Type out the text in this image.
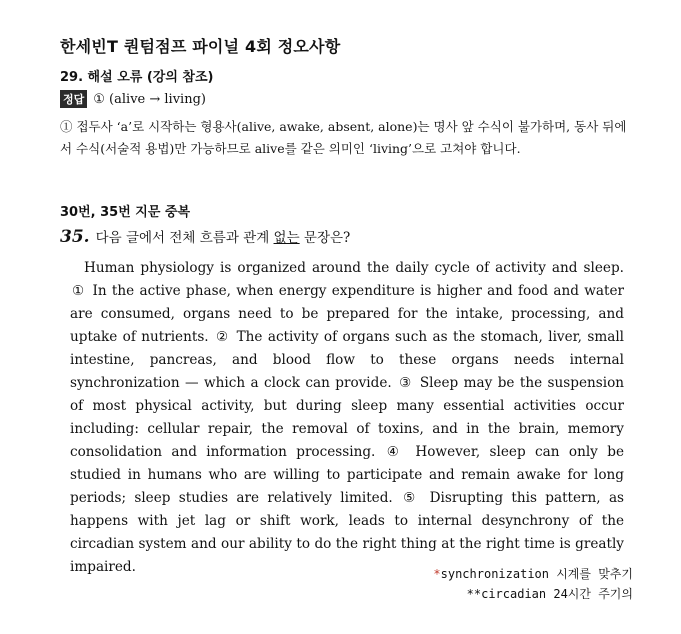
한세빈T 퀀텀점프 파이널 4회 정오사항
29. 해설 오류 (강의 참조)
정답 ① (alive → living)
① 접두사 ‘a’로 시작하는 형용사(alive, awake, absent, alone)는 명사 앞 수식이 불가하며, 동사 뒤에서 수식(서술적 용법)만 가능하므로 alive를 같은 의미인 ‘living’으로 고쳐야 합니다.
30번, 35번 지문 중복
35. 다음 글에서 전체 흐름과 관계 없는 문장은?
Human physiology is organized around the daily cycle of activity and sleep. ① In the active phase, when energy expenditure is higher and food and water are consumed, organs need to be prepared for the intake, processing, and uptake of nutrients. ② The activity of organs such as the stomach, liver, small intestine, pancreas, and blood flow to these organs needs internal synchronization — which a clock can provide. ③ Sleep may be the suspension of most physical activity, but during sleep many essential activities occur including: cellular repair, the removal of toxins, and in the brain, memory consolidation and information processing. ④ However, sleep can only be studied in humans who are willing to participate and remain awake for long periods; sleep studies are relatively limited. ⑤ Disrupting this pattern, as happens with jet lag or shift work, leads to internal desynchrony of the circadian system and our ability to do the right thing at the right time is greatly impaired.	*synchronization 시계를 맞추기
**circadian 24시간 주기의
